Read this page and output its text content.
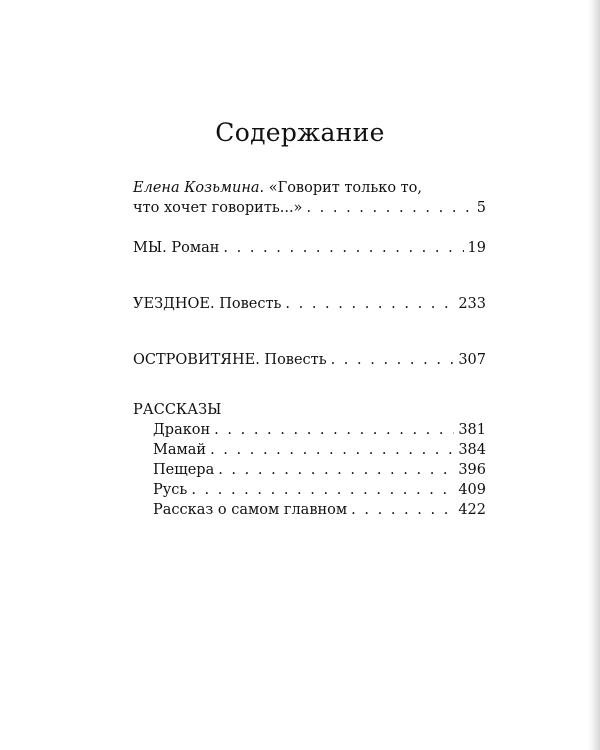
Содержание
Елена Козьмина. «Говорит только то,
что хочет говорить...» . . .	5
МЫ. Роман . . .	19
УЕЗДНОЕ. Повесть . . .	233
ОСТРОВИТЯНЕ. Повесть . . .	307
РАССКАЗЫ
Дракон . . .	381
Мамай . . .	384
Пещера . . .	396
Русь . . .	409
Рассказ о самом главном . . .	422
